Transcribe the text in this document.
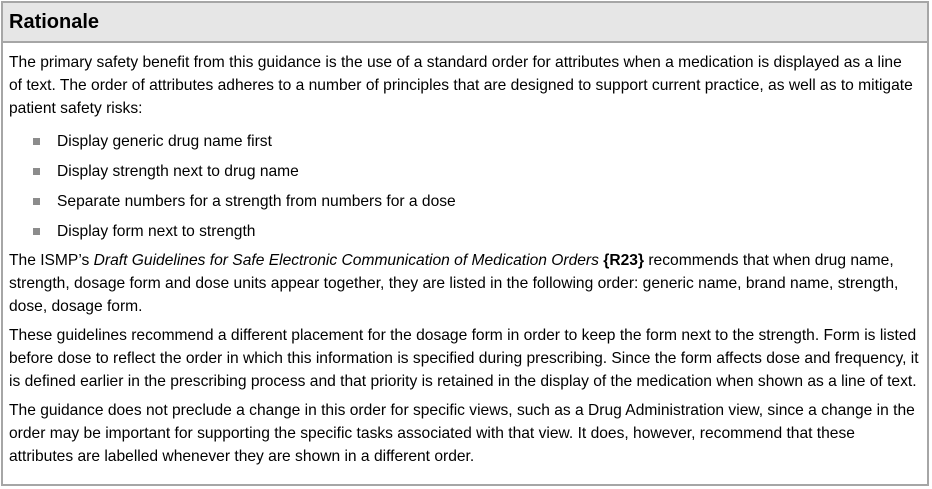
Rationale

The primary safety benefit from this guidance is the use of a standard order for attributes when a medication is displayed as a line of text. The order of attributes adheres to a number of principles that are designed to support current practice, as well as to mitigate patient safety risks:

Display generic drug name first
Display strength next to drug name
Separate numbers for a strength from numbers for a dose
Display form next to strength

The ISMP’s Draft Guidelines for Safe Electronic Communication of Medication Orders {R23} recommends that when drug name, strength, dosage form and dose units appear together, they are listed in the following order: generic name, brand name, strength, dose, dosage form.

These guidelines recommend a different placement for the dosage form in order to keep the form next to the strength. Form is listed before dose to reflect the order in which this information is specified during prescribing. Since the form affects dose and frequency, it is defined earlier in the prescribing process and that priority is retained in the display of the medication when shown as a line of text.

The guidance does not preclude a change in this order for specific views, such as a Drug Administration view, since a change in the order may be important for supporting the specific tasks associated with that view. It does, however, recommend that these attributes are labelled whenever they are shown in a different order.
